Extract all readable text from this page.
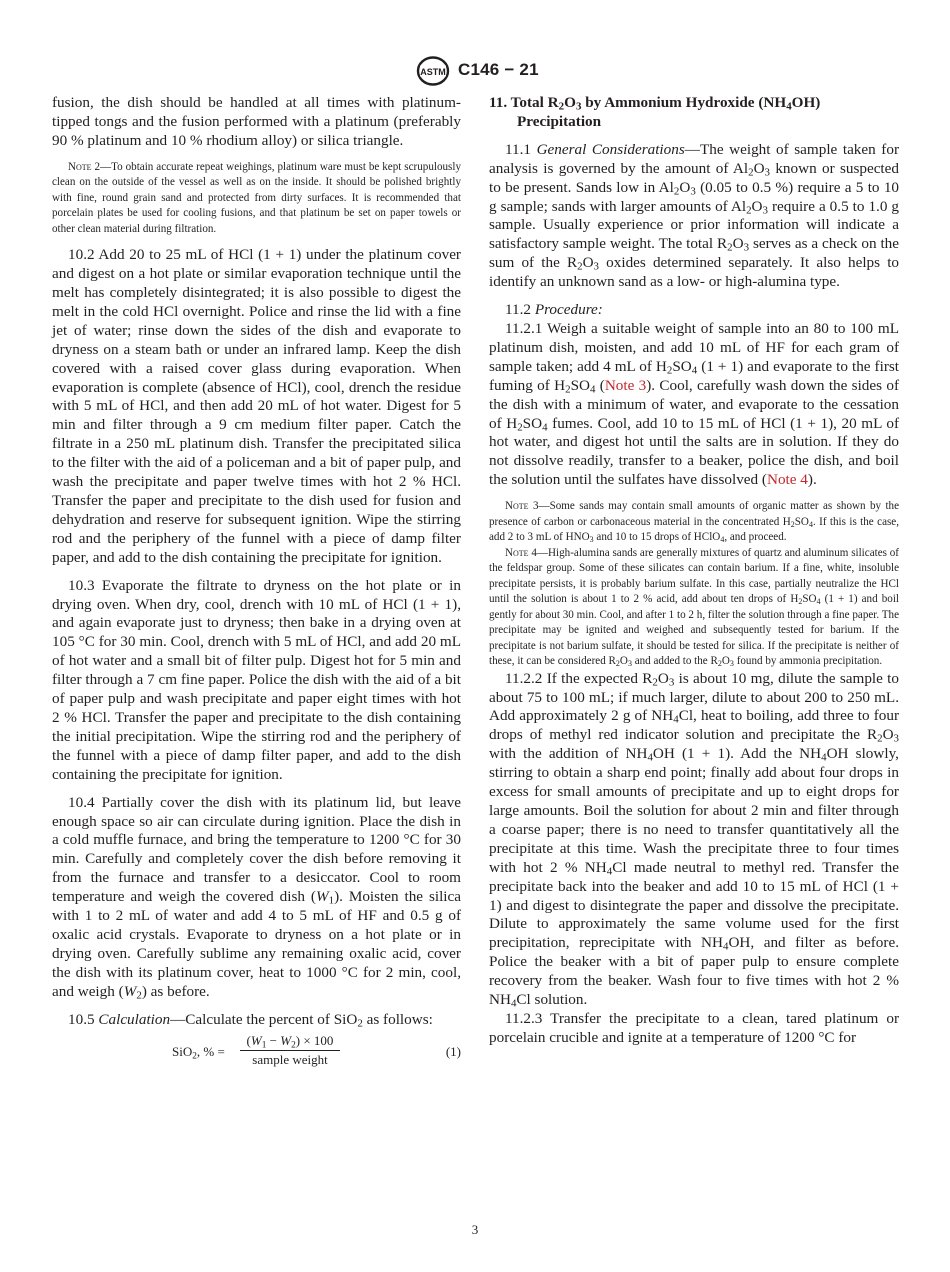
ASTM C146 − 21

fusion, the dish should be handled at all times with platinum-tipped tongs and the fusion performed with a platinum (preferably 90 % platinum and 10 % rhodium alloy) or silica triangle.

Note 2—To obtain accurate repeat weighings, platinum ware must be kept scrupulously clean on the outside of the vessel as well as on the inside. It should be polished brightly with fine, round grain sand and protected from dirty surfaces. It is recommended that porcelain plates be used for cooling fusions, and that platinum be set on paper towels or other clean material during filtration.

10.2 Add 20 to 25 mL of HCl (1 + 1) under the platinum cover and digest on a hot plate or similar evaporation technique until the melt has completely disintegrated; it is also possible to digest the melt in the cold HCl overnight. Police and rinse the lid with a fine jet of water; rinse down the sides of the dish and evaporate to dryness on a steam bath or under an infrared lamp. Keep the dish covered with a raised cover glass during evaporation. When evaporation is complete (absence of HCl), cool, drench the residue with 5 mL of HCl, and then add 20 mL of hot water. Digest for 5 min and filter through a 9 cm medium filter paper. Catch the filtrate in a 250 mL platinum dish. Transfer the precipitated silica to the filter with the aid of a policeman and a bit of paper pulp, and wash the precipitate and paper twelve times with hot 2 % HCl. Transfer the paper and precipitate to the dish used for fusion and dehydration and reserve for subsequent ignition. Wipe the stirring rod and the periphery of the funnel with a piece of damp filter paper, and add to the dish containing the precipitate for ignition.

10.3 Evaporate the filtrate to dryness on the hot plate or in drying oven. When dry, cool, drench with 10 mL of HCl (1 + 1), and again evaporate just to dryness; then bake in a drying oven at 105 °C for 30 min. Cool, drench with 5 mL of HCl, and add 20 mL of hot water and a small bit of filter pulp. Digest hot for 5 min and filter through a 7 cm fine paper. Police the dish with the aid of a bit of paper pulp and wash precipitate and paper eight times with hot 2 % HCl. Transfer the paper and precipitate to the dish containing the initial precipitation. Wipe the stirring rod and the periphery of the funnel with a piece of damp filter paper, and add to the dish containing the precipitate for ignition.

10.4 Partially cover the dish with its platinum lid, but leave enough space so air can circulate during ignition. Place the dish in a cold muffle furnace, and bring the temperature to 1200 °C for 30 min. Carefully and completely cover the dish before removing it from the furnace and transfer to a desiccator. Cool to room temperature and weigh the covered dish $(W_1)$. Moisten the silica with 1 to 2 mL of water and add 4 to 5 mL of HF and 0.5 g of oxalic acid crystals. Evaporate to dryness on a hot plate or in drying oven. Carefully sublime any remaining oxalic acid, cover the dish with its platinum cover, heat to 1000 °C for 2 min, cool, and weigh $(W_2)$ as before.

10.5 Calculation—Calculate the percent of SiO$_2$ as follows:

SiO$_2$, % =
$(W_1 - W_2) \times 100$
sample weight
(1)

11. Total $R_2O_3$ by Ammonium Hydroxide $(NH_4OH)$ Precipitation

11.1 General Considerations—The weight of sample taken for analysis is governed by the amount of $Al_2O_3$ known or suspected to be present. Sands low in $Al_2O_3$ (0.05 to 0.5 %) require a 5 to 10 g sample; sands with larger amounts of $Al_2O_3$ require a 0.5 to 1.0 g sample. Usually experience or prior information will indicate a satisfactory sample weight. The total $R_2O_3$ serves as a check on the sum of the $R_2O_3$ oxides determined separately. It also helps to identify an unknown sand as a low- or high-alumina type.

11.2 Procedure:

11.2.1 Weigh a suitable weight of sample into an 80 to 100 mL platinum dish, moisten, and add 10 mL of HF for each gram of sample taken; add 4 mL of $H_2SO_4$ (1 + 1) and evaporate to the first fuming of $H_2SO_4$ (Note 3). Cool, carefully wash down the sides of the dish with a minimum of water, and evaporate to the cessation of $H_2SO_4$ fumes. Cool, add 10 to 15 mL of HCl (1 + 1), 20 mL of hot water, and digest hot until the salts are in solution. If they do not dissolve readily, transfer to a beaker, police the dish, and boil the solution until the sulfates have dissolved (Note 4).

Note 3—Some sands may contain small amounts of organic matter as shown by the presence of carbon or carbonaceous material in the concentrated $H_2SO_4$. If this is the case, add 2 to 3 mL of $HNO_3$ and 10 to 15 drops of HClO$_4$, and proceed.

Note 4—High-alumina sands are generally mixtures of quartz and aluminum silicates of the feldspar group. Some of these silicates can contain barium. If a fine, white, insoluble precipitate persists, it is probably barium sulfate. In this case, partially neutralize the HCl until the solution is about 1 to 2 % acid, add about ten drops of $H_2SO_4$ (1 + 1) and boil gently for about 30 min. Cool, and after 1 to 2 h, filter the solution through a fine paper. The precipitate may be ignited and weighed and subsequently tested for barium. If the precipitate is not barium sulfate, it should be tested for silica. If the precipitate is neither of these, it can be considered $R_2O_3$ and added to the $R_2O_3$ found by ammonia precipitation.

11.2.2 If the expected $R_2O_3$ is about 10 mg, dilute the sample to about 75 to 100 mL; if much larger, dilute to about 200 to 250 mL. Add approximately 2 g of $NH_4Cl$, heat to boiling, add three to four drops of methyl red indicator solution and precipitate the $R_2O_3$ with the addition of $NH_4OH$ (1 + 1). Add the $NH_4OH$ slowly, stirring to obtain a sharp end point; finally add about four drops in excess for small amounts of precipitate and up to eight drops for large amounts. Boil the solution for about 2 min and filter through a coarse paper; there is no need to transfer quantitatively all the precipitate at this time. Wash the precipitate three to four times with hot 2 % $NH_4Cl$ made neutral to methyl red. Transfer the precipitate back into the beaker and add 10 to 15 mL of HCl (1 + 1) and digest to disintegrate the paper and dissolve the precipitate. Dilute to approximately the same volume used for the first precipitation, reprecipitate with $NH_4OH$, and filter as before. Police the beaker with a bit of paper pulp to ensure complete recovery from the beaker. Wash four to five times with hot 2 % $NH_4Cl$ solution.

11.2.3 Transfer the precipitate to a clean, tared platinum or porcelain crucible and ignite at a temperature of 1200 °C for

3
